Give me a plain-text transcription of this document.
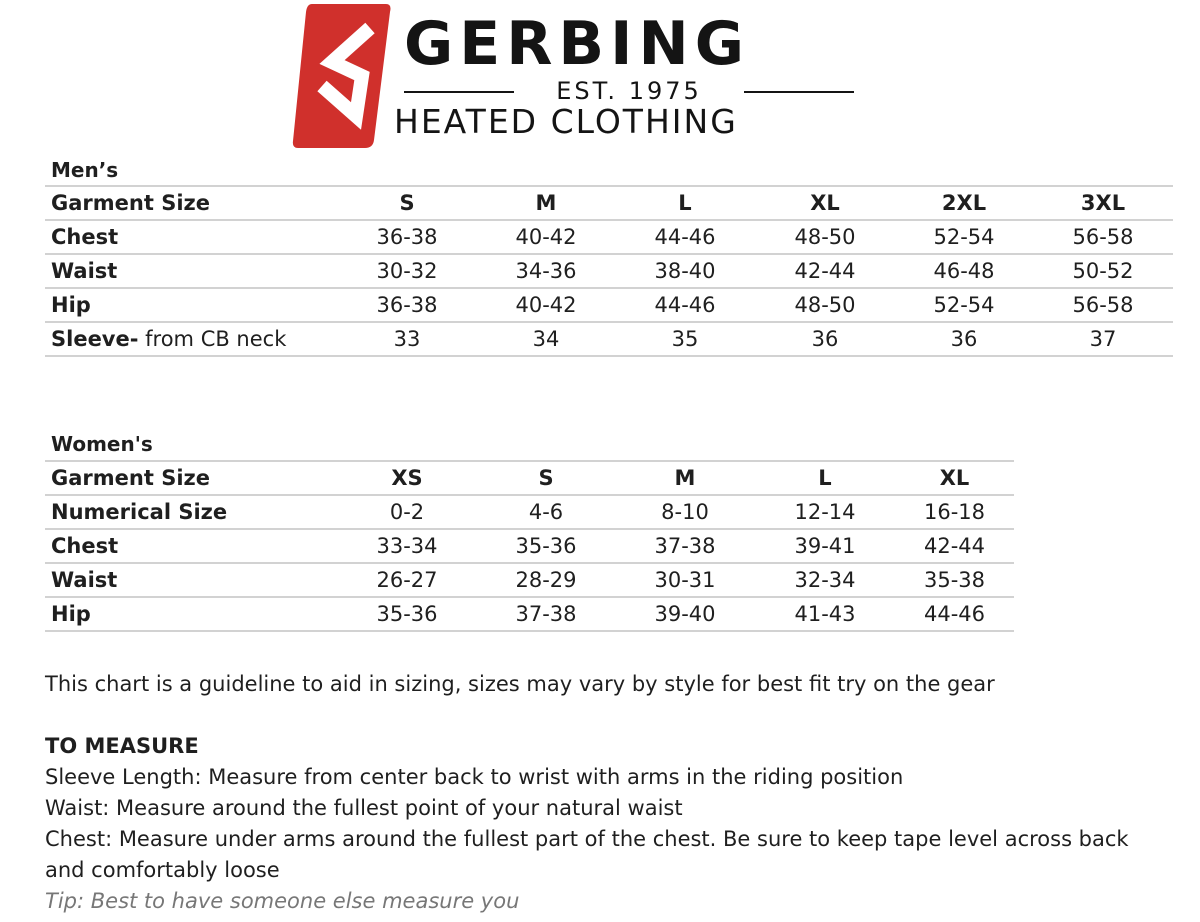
GERBING
EST. 1975
HEATED CLOTHING
Men’s
Garment Size	S	M	L	XL	2XL	3XL
Chest	36-38	40-42	44-46	48-50	52-54	56-58
Waist	30-32	34-36	38-40	42-44	46-48	50-52
Hip	36-38	40-42	44-46	48-50	52-54	56-58
Sleeve- from CB neck	33	34	35	36	36	37
Women's
Garment Size	XS	S	M	L	XL
Numerical Size	0-2	4-6	8-10	12-14	16-18
Chest	33-34	35-36	37-38	39-41	42-44
Waist	26-27	28-29	30-31	32-34	35-38
Hip	35-36	37-38	39-40	41-43	44-46
This chart is a guideline to aid in sizing, sizes may vary by style for best fit try on the gear
TO MEASURE
Sleeve Length: Measure from center back to wrist with arms in the riding position
Waist: Measure around the fullest point of your natural waist
Chest: Measure under arms around the fullest part of the chest. Be sure to keep tape level across back
and comfortably loose
Tip: Best to have someone else measure you
